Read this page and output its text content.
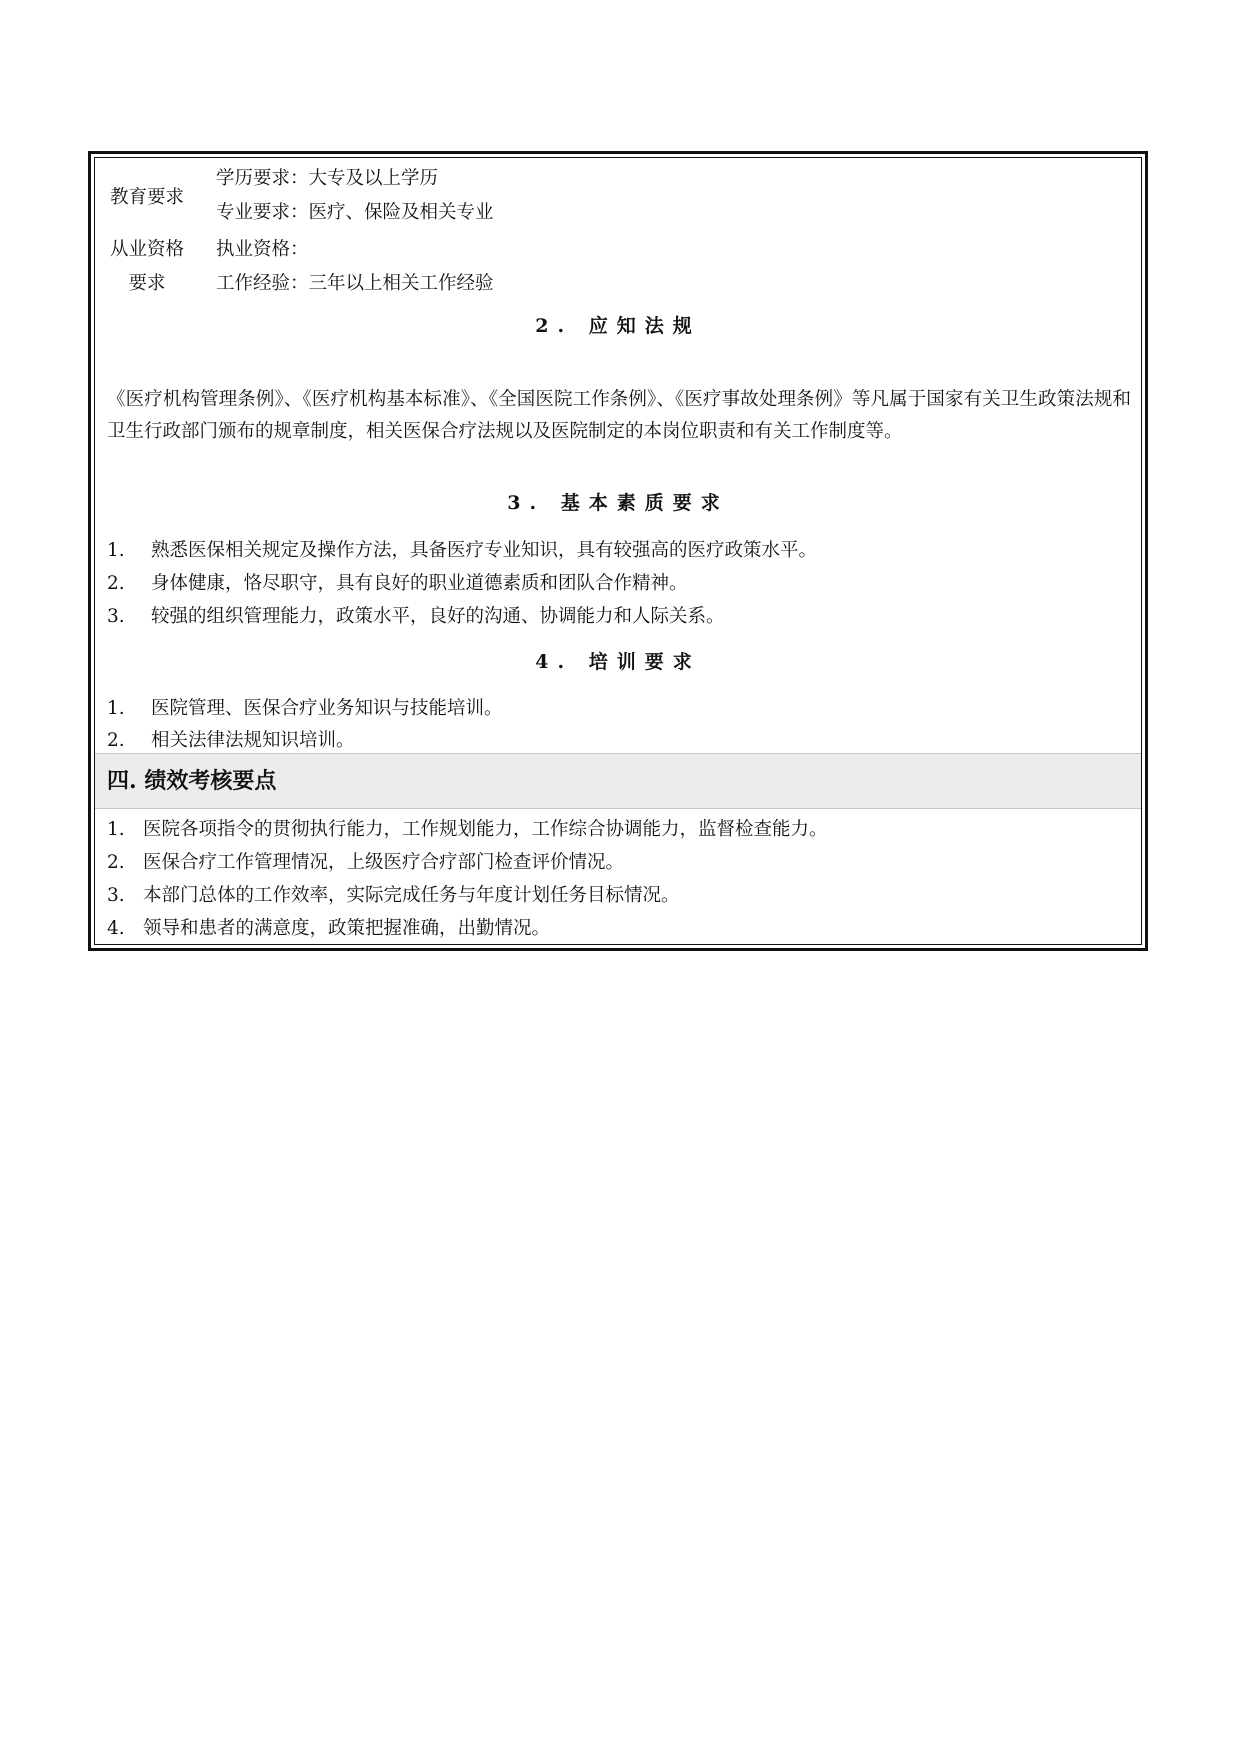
教育要求
学历要求：大专及以上学历
专业要求：医疗、保险及相关专业
从业资格
要求
执业资格：
工作经验：三年以上相关工作经验
2. 应知法规
《医疗机构管理条例》、《医疗机构基本标准》、《全国医院工作条例》、《医疗事故处理条例》等凡属于国家有关卫生政策法规和卫生行政部门颁布的规章制度，相关医保合疗法规以及医院制定的本岗位职责和有关工作制度等。
3. 基本素质要求
1. 熟悉医保相关规定及操作方法，具备医疗专业知识，具有较强高的医疗政策水平。
2. 身体健康，恪尽职守，具有良好的职业道德素质和团队合作精神。
3. 较强的组织管理能力，政策水平，良好的沟通、协调能力和人际关系。
4. 培训要求
1. 医院管理、医保合疗业务知识与技能培训。
2. 相关法律法规知识培训。
四. 绩效考核要点
1. 医院各项指令的贯彻执行能力，工作规划能力，工作综合协调能力，监督检查能力。
2. 医保合疗工作管理情况，上级医疗合疗部门检查评价情况。
3. 本部门总体的工作效率，实际完成任务与年度计划任务目标情况。
4. 领导和患者的满意度，政策把握准确，出勤情况。
